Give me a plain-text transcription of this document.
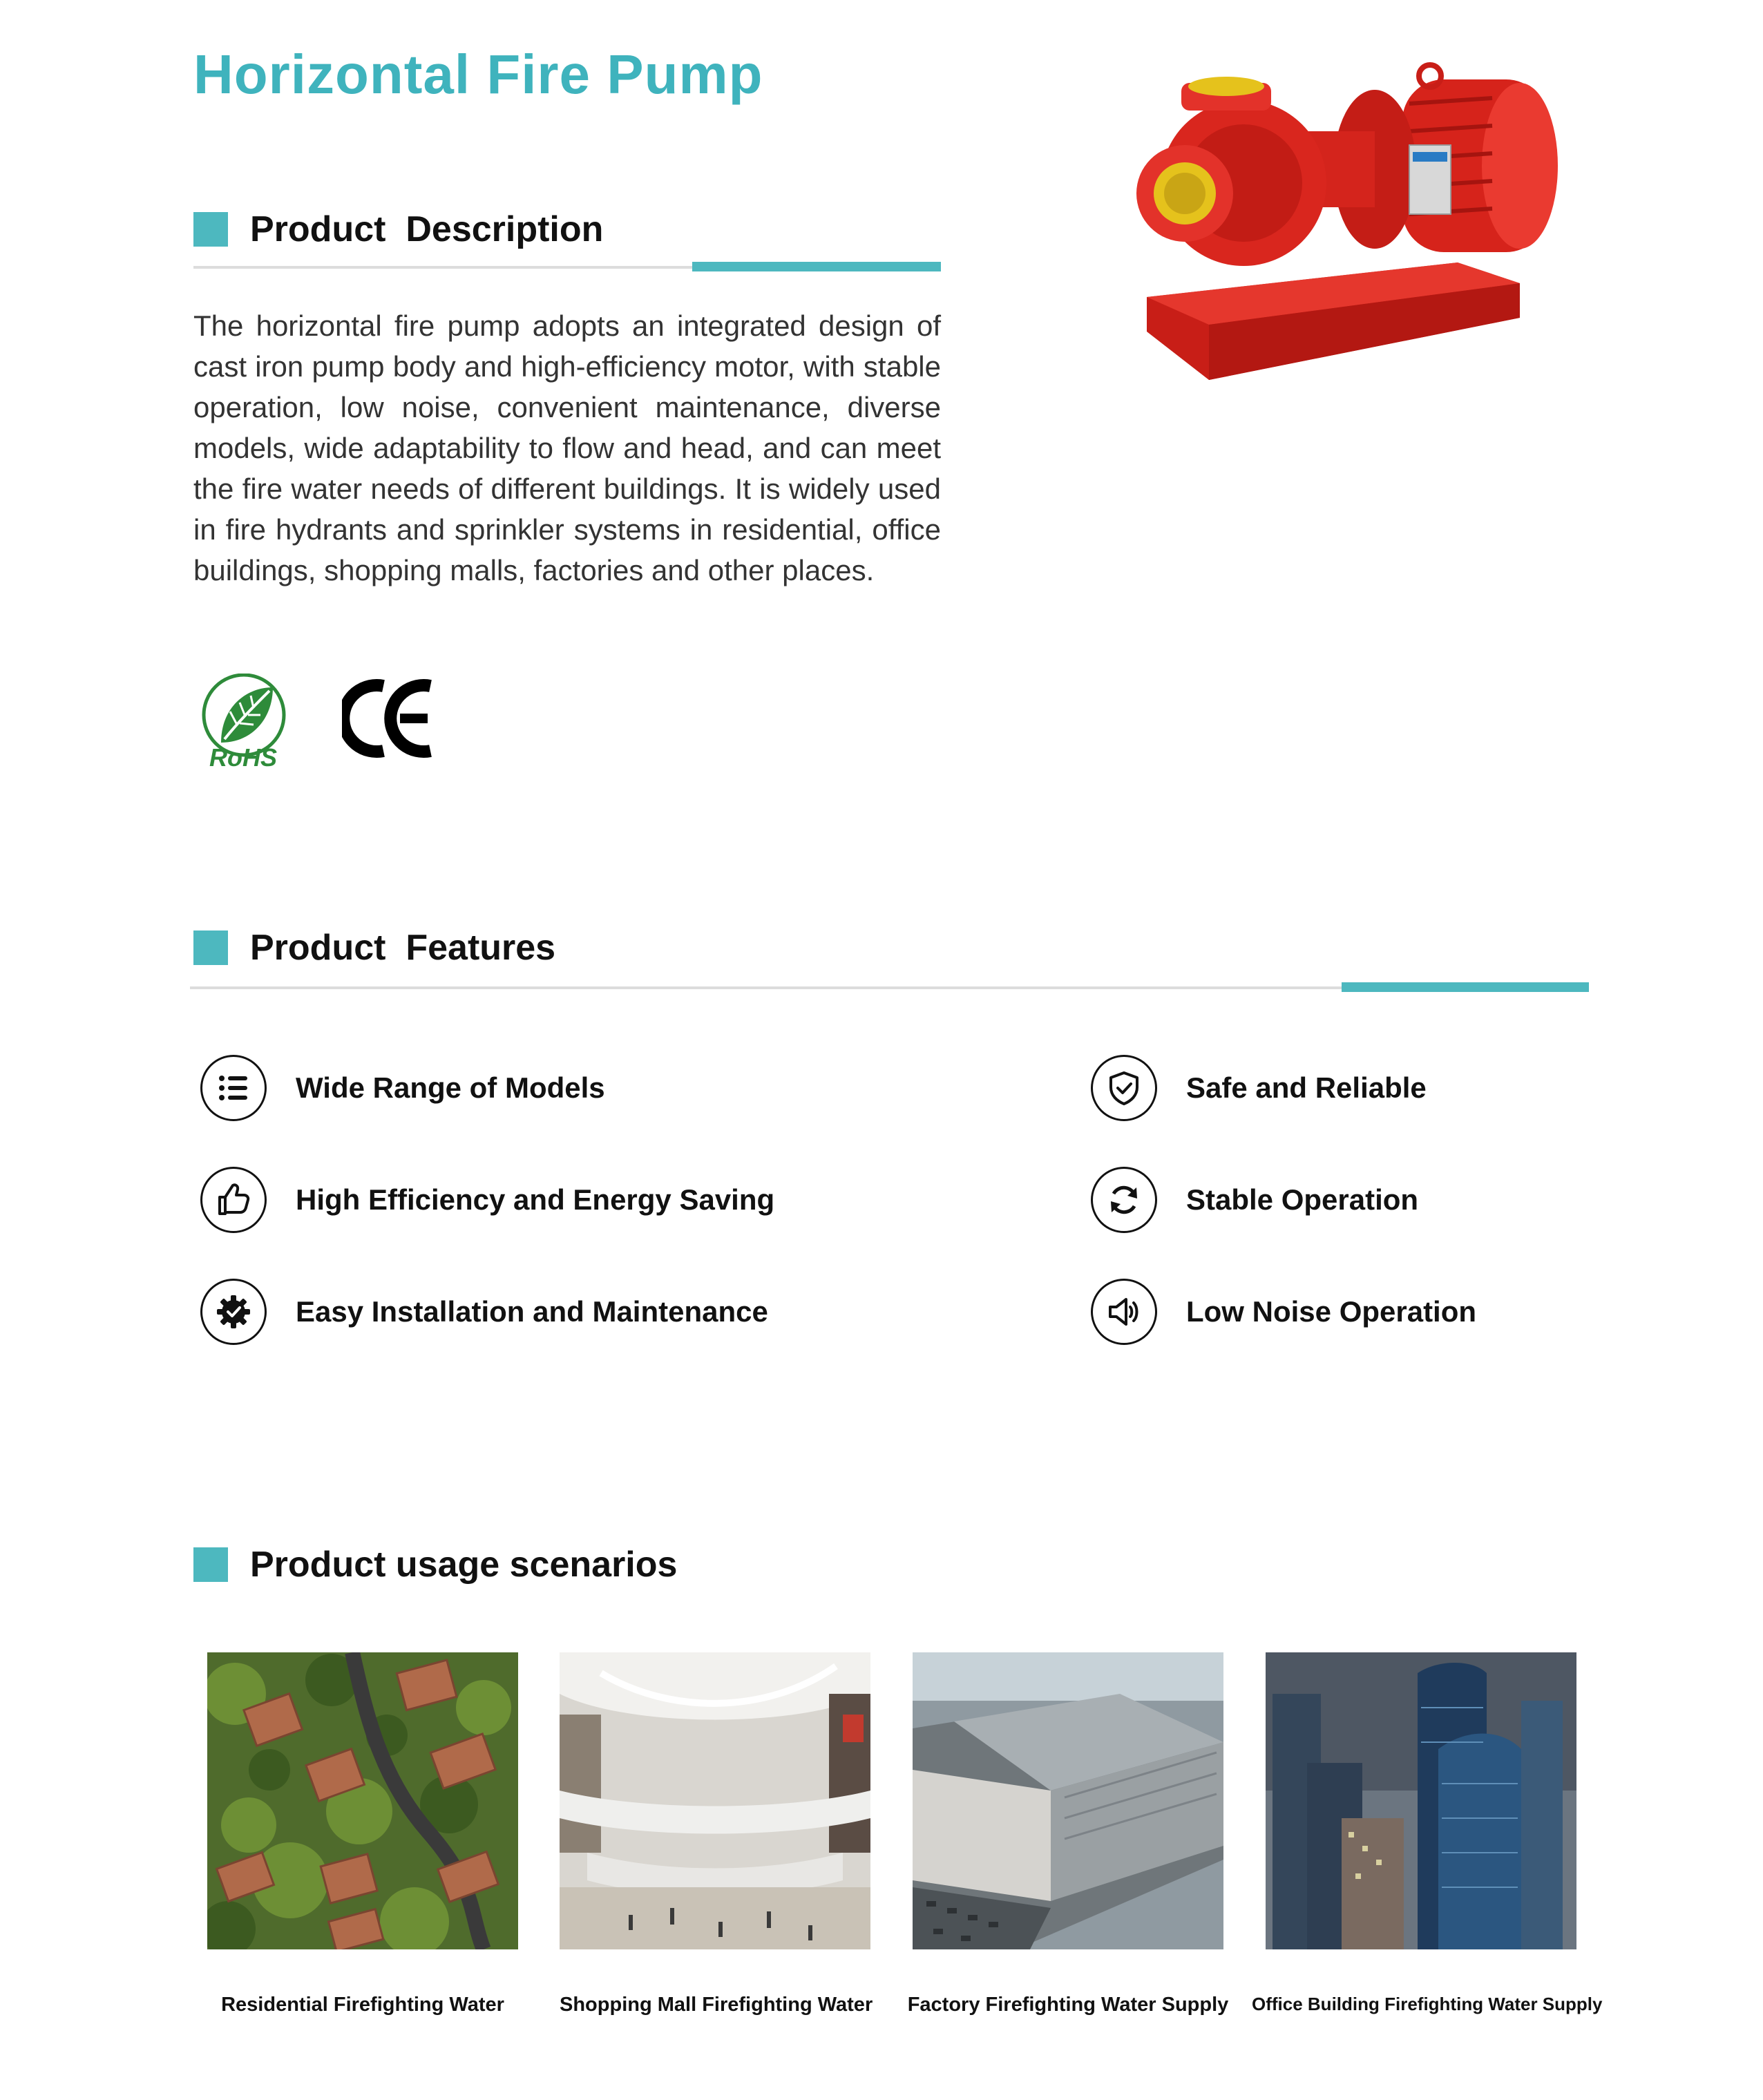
Horizontal Fire Pump
Product  Description
The horizontal fire pump adopts an integrated design of cast iron pump body and high-efficiency motor, with stable operation, low noise, convenient maintenance, diverse models, wide adaptability to flow and head, and can meet the fire water needs of different buildings. It is widely used in fire hydrants and sprinkler systems in residential, office buildings, shopping malls, factories and other places.
RoHS
Product  Features
Wide Range of Models	Safe and Reliable
High Efficiency and Energy Saving	Stable Operation
Easy Installation and Maintenance	Low Noise Operation
Product usage scenarios
Residential Firefighting Water	Shopping Mall Firefighting Water Factory Firefighting Water Supply Office Building Firefighting Water Supply
